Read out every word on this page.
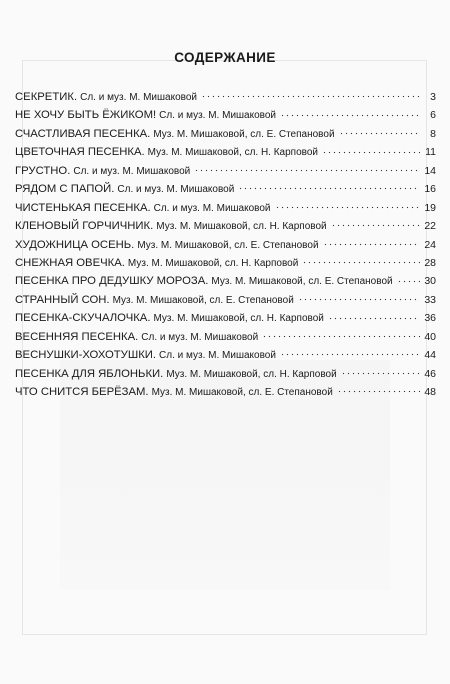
СОДЕРЖАНИЕ
СЕКРЕТИК. Сл. и муз. М. Мишаковой	3
НЕ ХОЧУ БЫТЬ ЁЖИКОМ! Сл. и муз. М. Мишаковой	6
СЧАСТЛИВАЯ ПЕСЕНКА. Муз. М. Мишаковой, сл. Е. Степановой	8
ЦВЕТОЧНАЯ ПЕСЕНКА. Муз. М. Мишаковой, сл. Н. Карповой	11
ГРУСТНО. Сл. и муз. М. Мишаковой	14
РЯДОМ С ПАПОЙ. Сл. и муз. М. Мишаковой	16
ЧИСТЕНЬКАЯ ПЕСЕНКА. Сл. и муз. М. Мишаковой	19
КЛЕНОВЫЙ ГОРЧИЧНИК. Муз. М. Мишаковой, сл. Н. Карповой	22
ХУДОЖНИЦА ОСЕНЬ. Муз. М. Мишаковой, сл. Е. Степановой	24
СНЕЖНАЯ ОВЕЧКА. Муз. М. Мишаковой, сл. Н. Карповой	28
ПЕСЕНКА ПРО ДЕДУШКУ МОРОЗА. Муз. М. Мишаковой, сл. Е. Степановой	30
СТРАННЫЙ СОН. Муз. М. Мишаковой, сл. Е. Степановой	33
ПЕСЕНКА-СКУЧАЛОЧКА. Муз. М. Мишаковой, сл. Н. Карповой	36
ВЕСЕННЯЯ ПЕСЕНКА. Сл. и муз. М. Мишаковой	40
ВЕСНУШКИ-ХОХОТУШКИ. Сл. и муз. М. Мишаковой	44
ПЕСЕНКА ДЛЯ ЯБЛОНЬКИ. Муз. М. Мишаковой, сл. Н. Карповой	46
ЧТО СНИТСЯ БЕРЁЗАМ. Муз. М. Мишаковой, сл. Е. Степановой	48
